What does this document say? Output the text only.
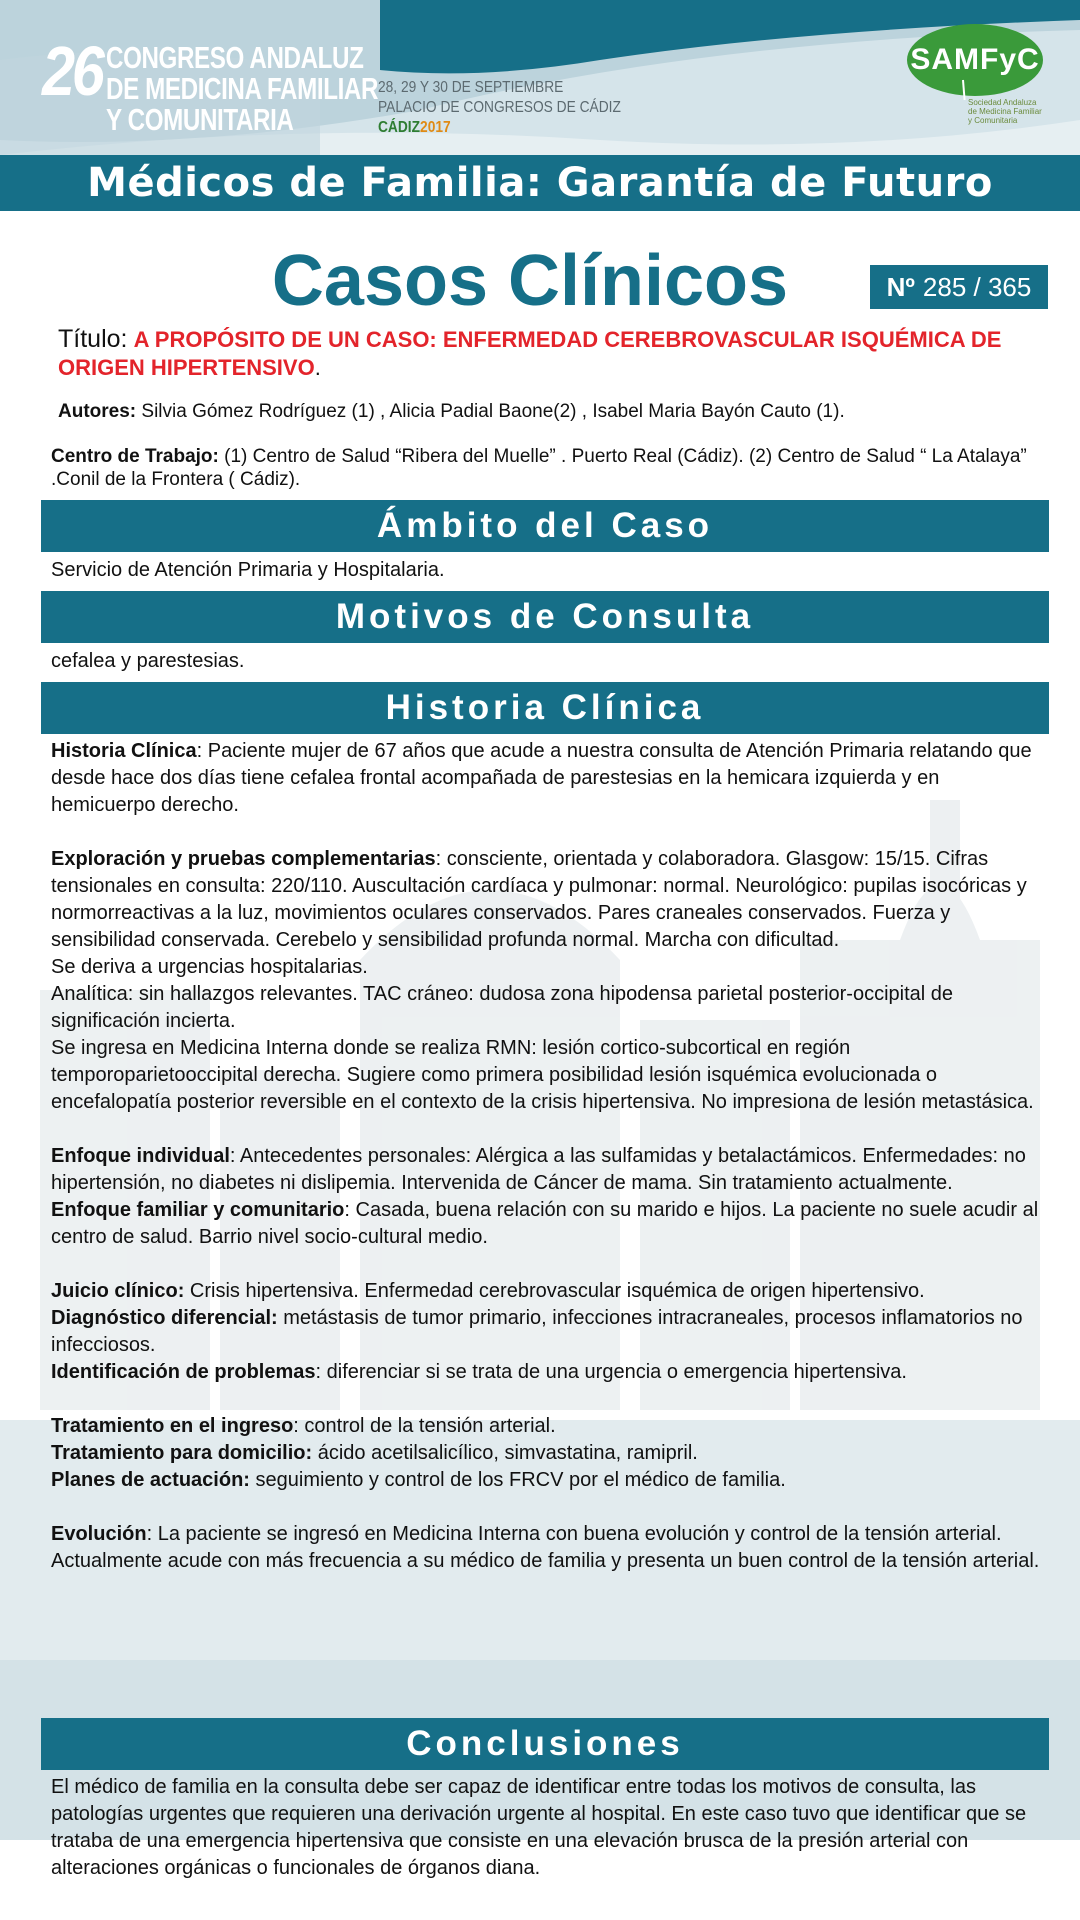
26 CONGRESO ANDALUZ
DE MEDICINA FAMILIAR
Y COMUNITARIA
28, 29 Y 30 DE SEPTIEMBRE
PALACIO DE CONGRESOS DE CÁDIZ
CÁDIZ2017
SAMFyC
Sociedad Andaluza
de Medicina Familiar
y Comunitaria
Médicos de Familia: Garantía de Futuro
Casos Clínicos	Nº 285 / 365
Título: A PROPÓSITO DE UN CASO: ENFERMEDAD CEREBROVASCULAR ISQUÉMICA DE ORIGEN HIPERTENSIVO.
Autores: Silvia Gómez Rodríguez (1) , Alicia Padial Baone(2) , Isabel Maria Bayón Cauto (1).
Centro de Trabajo: (1) Centro de Salud “Ribera del Muelle” . Puerto Real (Cádiz). (2) Centro de Salud “ La Atalaya” .Conil de la Frontera ( Cádiz).
Ámbito del Caso
Servicio de Atención Primaria y Hospitalaria.
Motivos de Consulta
cefalea y parestesias.
Historia Clínica

Historia Clínica: Paciente mujer de 67 años que acude a nuestra consulta de Atención Primaria relatando que desde hace dos días tiene cefalea frontal acompañada de parestesias en la hemicara izquierda y en hemicuerpo derecho.

Exploración y pruebas complementarias: consciente, orientada y colaboradora. Glasgow: 15/15. Cifras tensionales en consulta: 220/110. Auscultación cardíaca y pulmonar: normal. Neurológico: pupilas isocóricas y normorreactivas a la luz, movimientos oculares conservados. Pares craneales conservados. Fuerza y sensibilidad conservada. Cerebelo y sensibilidad profunda normal. Marcha con dificultad.

Se deriva a urgencias hospitalarias.

Analítica: sin hallazgos relevantes. TAC cráneo: dudosa zona hipodensa parietal posterior-occipital de significación incierta.

Se ingresa en Medicina Interna donde se realiza RMN: lesión cortico-subcortical en región temporoparietooccipital derecha. Sugiere como primera posibilidad lesión isquémica evolucionada o encefalopatía posterior reversible en el contexto de la crisis hipertensiva. No impresiona de lesión metastásica.

Enfoque individual: Antecedentes personales: Alérgica a las sulfamidas y betalactámicos. Enfermedades: no hipertensión, no diabetes ni dislipemia. Intervenida de Cáncer de mama. Sin tratamiento actualmente.

Enfoque familiar y comunitario: Casada, buena relación con su marido e hijos. La paciente no suele acudir al centro de salud. Barrio nivel socio-cultural medio.

Juicio clínico: Crisis hipertensiva. Enfermedad cerebrovascular isquémica de origen hipertensivo.

Diagnóstico diferencial: metástasis de tumor primario, infecciones intracraneales, procesos inflamatorios no infecciosos.

Identificación de problemas: diferenciar si se trata de una urgencia o emergencia hipertensiva.

Tratamiento en el ingreso: control de la tensión arterial.

Tratamiento para domicilio: ácido acetilsalicílico, simvastatina, ramipril.

Planes de actuación: seguimiento y control de los FRCV por el médico de familia.

Evolución: La paciente se ingresó en Medicina Interna con buena evolución y control de la tensión arterial. Actualmente acude con más frecuencia a su médico de familia y presenta un buen control de la tensión arterial.

Conclusiones
El médico de familia en la consulta debe ser capaz de identificar entre todas los motivos de consulta, las patologías urgentes que requieren una derivación urgente al hospital. En este caso tuvo que identificar que se trataba de una emergencia hipertensiva que consiste en una elevación brusca de la presión arterial con alteraciones orgánicas o funcionales de órganos diana.
